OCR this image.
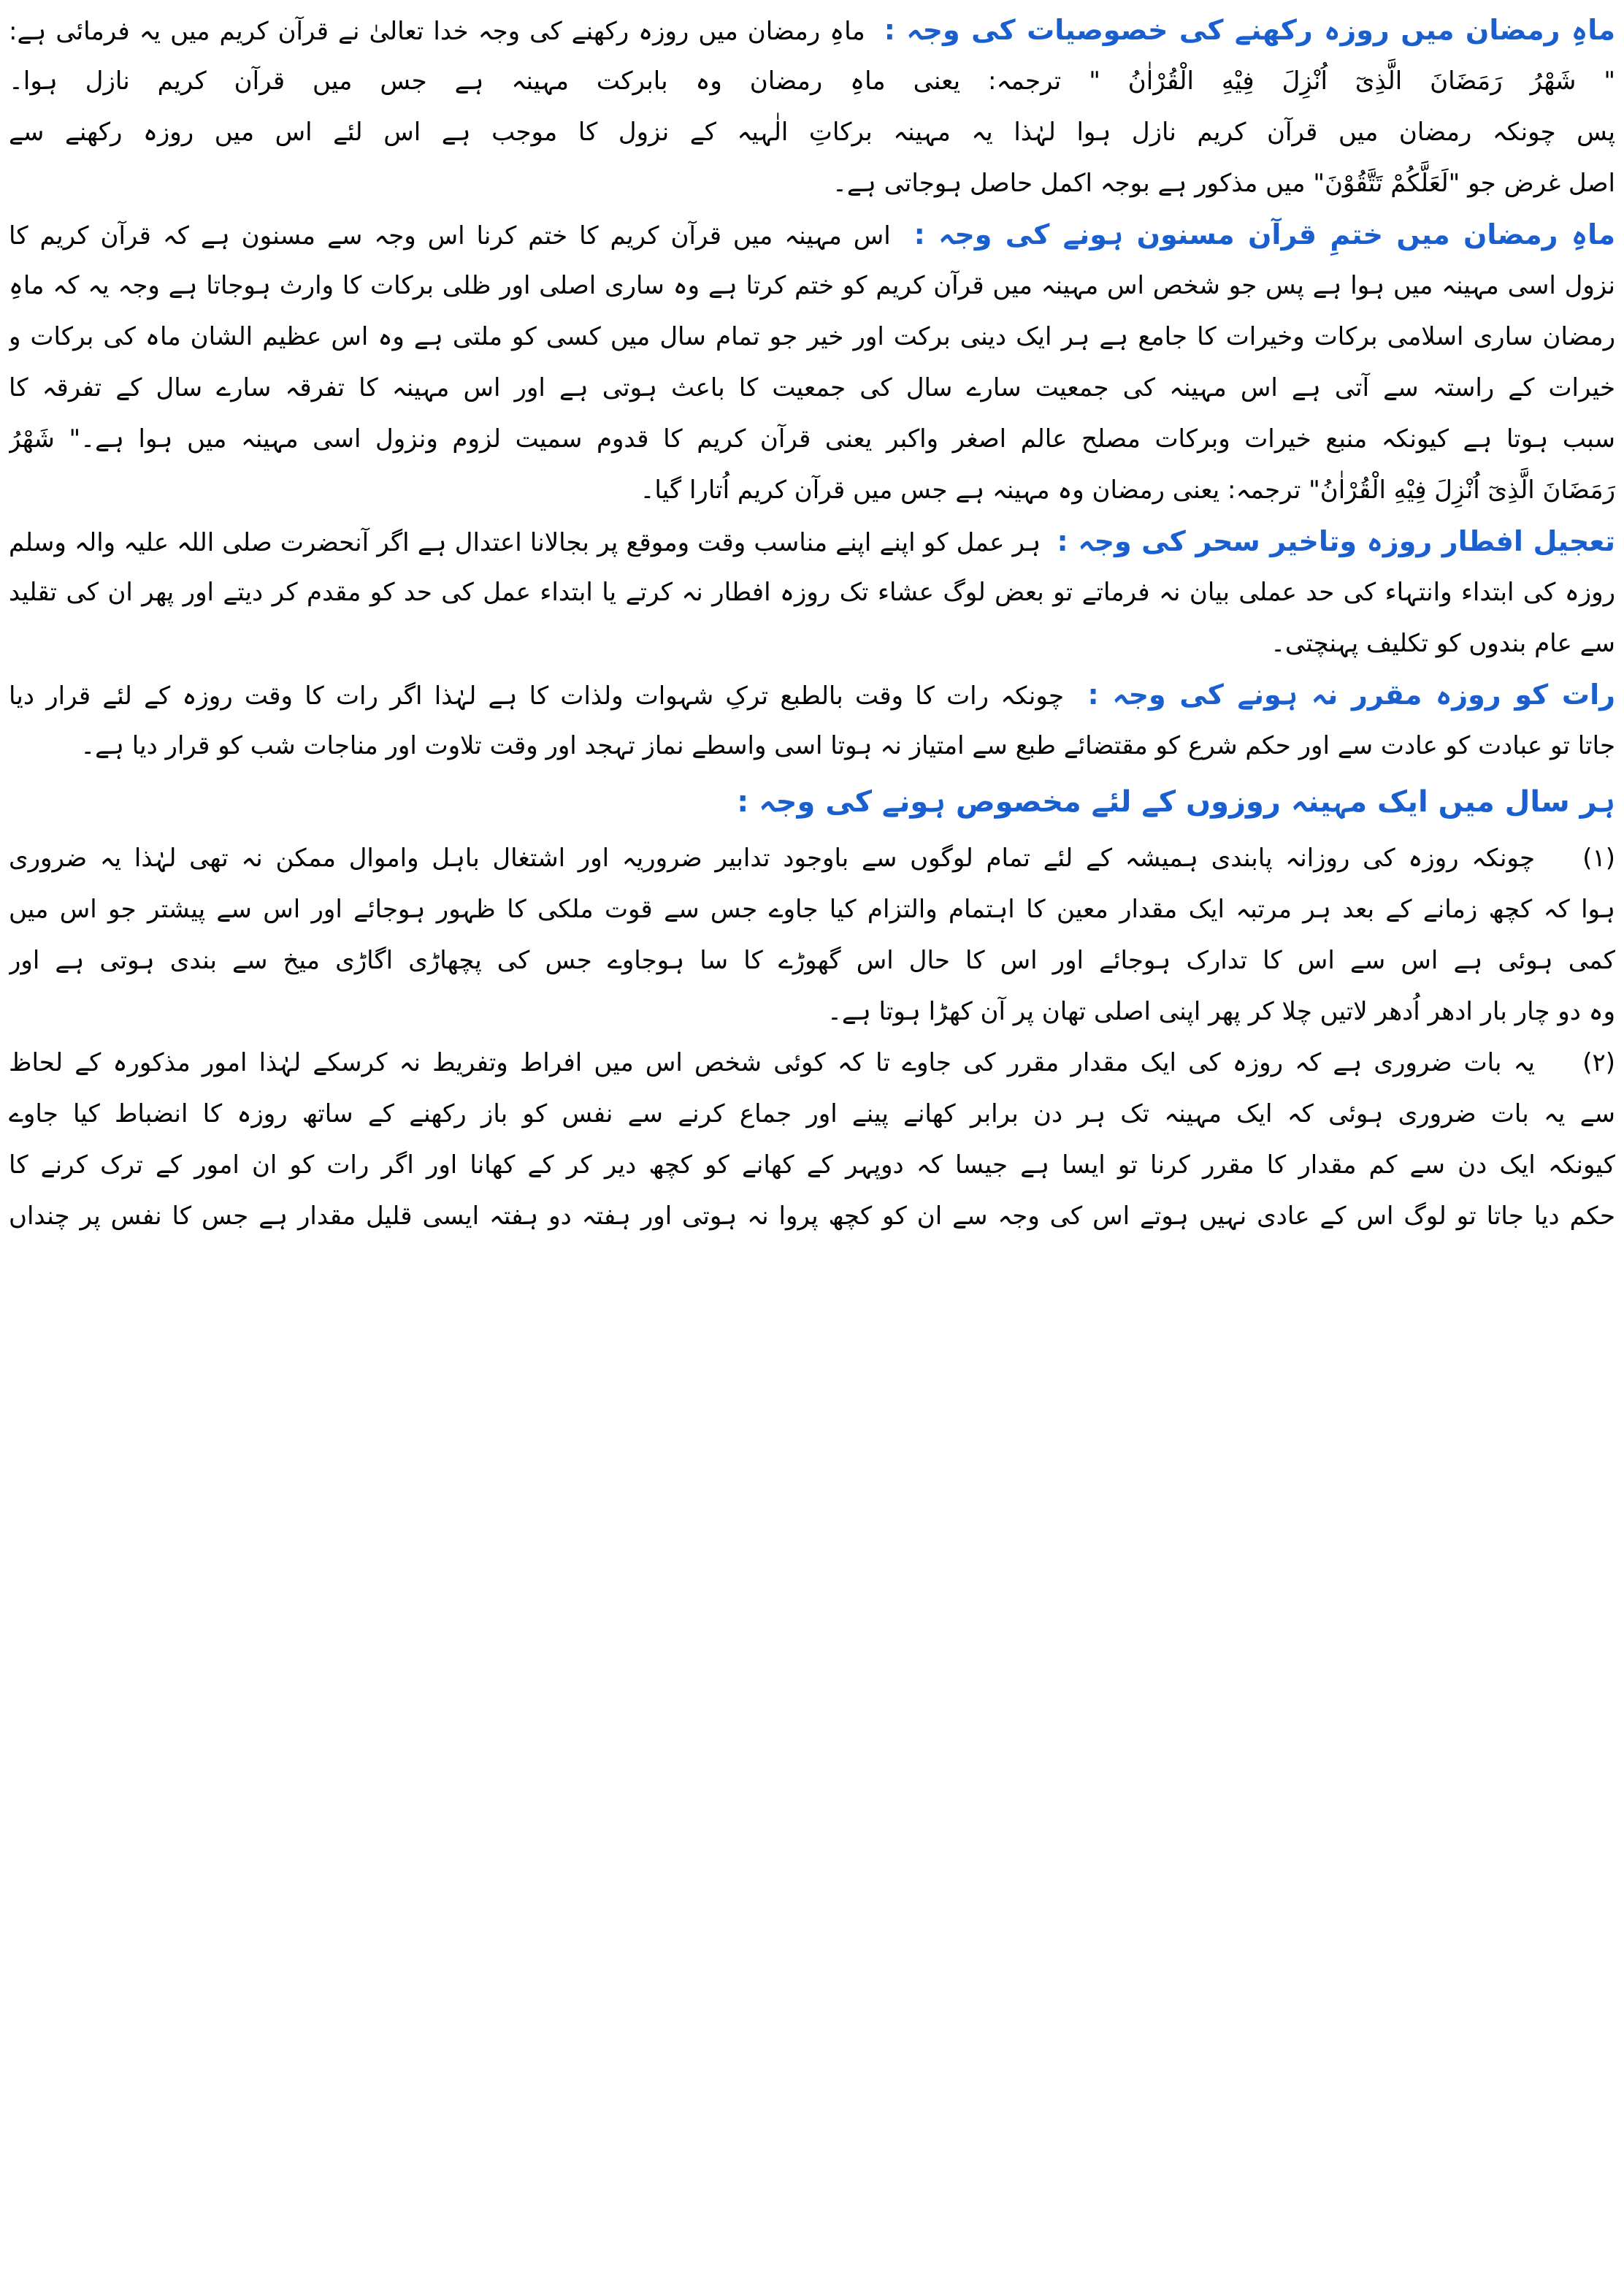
ماہِ رمضان میں روزہ رکھنے کی خصوصیات کی وجہ :  ماہِ رمضان میں روزہ رکھنے کی وجہ خدا تعالیٰ نے قرآن کریم میں یہ فرمائی ہے:
" شَهْرُ رَمَضَانَ الَّذِیٓ اُنْزِلَ فِیْهِ الْقُرْاٰنُ " ترجمہ: یعنی ماہِ رمضان وہ بابرکت مہینہ ہے جس میں قرآن کریم نازل ہوا۔
پس چونکہ رمضان میں قرآن کریم نازل ہوا لہٰذا یہ مہینہ برکاتِ الٰہیہ کے نزول کا موجب ہے اس لئے اس میں روزہ رکھنے سے
اصل غرض جو "لَعَلَّكُمْ تَتَّقُوْنَ" میں مذکور ہے بوجہ اکمل حاصل ہوجاتی ہے۔
ماہِ رمضان میں ختمِ قرآن مسنون ہونے کی وجہ :  اس مہینہ میں قرآن کریم کا ختم کرنا اس وجہ سے مسنون ہے کہ قرآن کریم کا
نزول اسی مہینہ میں ہوا ہے پس جو شخص اس مہینہ میں قرآن کریم کو ختم کرتا ہے وہ ساری اصلی اور ظلی برکات کا وارث ہوجاتا ہے وجہ یہ کہ ماہِ
رمضان ساری اسلامی برکات وخیرات کا جامع ہے ہر ایک دینی برکت اور خیر جو تمام سال میں کسی کو ملتی ہے وہ اس عظیم الشان ماہ کی برکات و
خیرات کے راستہ سے آتی ہے اس مہینہ کی جمعیت سارے سال کی جمعیت کا باعث ہوتی ہے اور اس مہینہ کا تفرقہ سارے سال کے تفرقہ کا
سبب ہوتا ہے کیونکہ منبع خیرات وبرکات مصلح عالم اصغر واکبر یعنی قرآن کریم کا قدوم سمیت لزوم ونزول اسی مہینہ میں ہوا ہے۔" شَهْرُ
رَمَضَانَ الَّذِیٓ اُنْزِلَ فِیْهِ الْقُرْاٰنُ" ترجمہ: یعنی رمضان وہ مہینہ ہے جس میں قرآن کریم اُتارا گیا۔
تعجیل افطار روزہ وتاخیر سحر کی وجہ :  ہر عمل کو اپنے اپنے مناسب وقت وموقع پر بجالانا اعتدال ہے اگر آنحضرت صلی اللہ علیہ والہ وسلم
روزہ کی ابتداء وانتہاء کی حد عملی بیان نہ فرماتے تو بعض لوگ عشاء تک روزہ افطار نہ کرتے یا ابتداء عمل کی حد کو مقدم کر دیتے اور پھر ان کی تقلید
سے عام بندوں کو تکلیف پہنچتی۔
رات کو روزہ مقرر نہ ہونے کی وجہ :  چونکہ رات کا وقت بالطبع ترکِ شہوات ولذات کا ہے لہٰذا اگر رات کا وقت روزہ کے لئے قرار دیا
جاتا تو عبادت کو عادت سے اور حکم شرع کو مقتضائے طبع سے امتیاز نہ ہوتا اسی واسطے نماز تہجد اور وقت تلاوت اور مناجات شب کو قرار دیا ہے۔
ہر سال میں ایک مہینہ روزوں کے لئے مخصوص ہونے کی وجہ :
(۱)چونکہ روزہ کی روزانہ پابندی ہمیشہ کے لئے تمام لوگوں سے باوجود تدابیر ضروریہ اور اشتغال باہل واموال ممکن نہ تھی لہٰذا یہ ضروری
ہوا کہ کچھ زمانے کے بعد ہر مرتبہ ایک مقدار معین کا اہتمام والتزام کیا جاوے جس سے قوت ملکی کا ظہور ہوجائے اور اس سے پیشتر جو اس میں
کمی ہوئی ہے اس سے اس کا تدارک ہوجائے اور اس کا حال اس گھوڑے کا سا ہوجاوے جس کی پچھاڑی اگاڑی میخ سے بندی ہوتی ہے اور
وہ دو چار بار ادھر اُدھر لاتیں چلا کر پھر اپنی اصلی تھان پر آن کھڑا ہوتا ہے۔
(۲)یہ بات ضروری ہے کہ روزہ کی ایک مقدار مقرر کی جاوے تا کہ کوئی شخص اس میں افراط وتفریط نہ کرسکے لہٰذا امور مذکورہ کے لحاظ
سے یہ بات ضروری ہوئی کہ ایک مہینہ تک ہر دن برابر کھانے پینے اور جماع کرنے سے نفس کو باز رکھنے کے ساتھ روزہ کا انضباط کیا جاوے
کیونکہ ایک دن سے کم مقدار کا مقرر کرنا تو ایسا ہے جیسا کہ دوپہر کے کھانے کو کچھ دیر کر کے کھانا اور اگر رات کو ان امور کے ترک کرنے کا
حکم دیا جاتا تو لوگ اس کے عادی نہیں ہوتے اس کی وجہ سے ان کو کچھ پروا نہ ہوتی اور ہفتہ دو ہفتہ ایسی قلیل مقدار ہے جس کا نفس پر چنداں
